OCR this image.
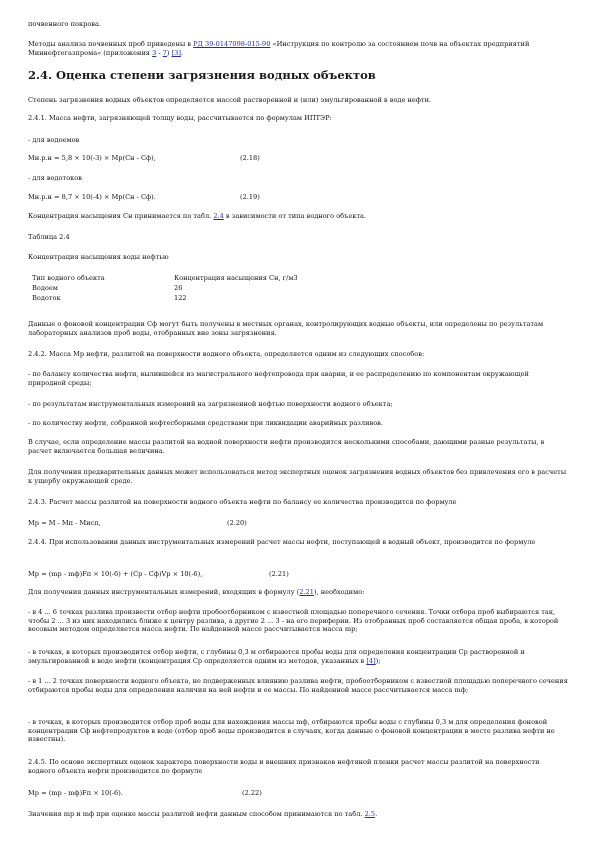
почвенного покрова.

Методы анализа почвенных проб приведены в РД 39-0147098-015-90 «Инструкция по контролю за состоянием почв на объектах предприятий Миннефтегазпрома» (приложения 3 - 7) [3].

2.4. Оценка степени загрязнения водных объектов

Степень загрязнения водных объектов определяется массой растворенной и (или) эмульгированной в воде нефти.

2.4.1. Масса нефти, загрязняющей толщу воды, рассчитывается по формулам ИПТЭР:

- для водоемов

Мн.р.н = 5,8 × 10(-3) × Мр(Сн - Сф),	(2.18)

- для водотоков

Мн.р.н = 8,7 × 10(-4) × Мр(Сн - Сф).	(2.19)

Концентрация насыщения Сн принимается по табл. 2.4 в зависимости от типа водного объекта.

Таблица 2.4

Концентрация насыщения воды нефтью

Тип водного объекта	Концентрация насыщения Сн, г/м3
Водоем	26
Водоток	122

Данные о фоновой концентрации Сф могут быть получены в местных органах, контролирующих водные объекты, или определены по результатам лабораторных анализов проб воды, отобранных вне зоны загрязнения.

2.4.2. Масса Мр нефти, разлитой на поверхности водного объекта, определяется одним из следующих способов:

- по балансу количества нефти, вылившейся из магистрального нефтепровода при аварии, и ее распределению по компонентам окружающей природной среды;

- по результатам инструментальных измерений на загрязненной нефтью поверхности водного объекта;

- по количеству нефти, собранной нефтесборными средствами при ликвидации аварийных разливов.

В случае, если определение массы разлитой на водной поверхности нефти производится несколькими способами, дающими разные результаты, в расчет включается большая величина.

Для получения предварительных данных может использоваться метод экспертных оценок загрязнения водных объектов без привлечения его в расчеты к ущербу окружающей среде.

2.4.3. Расчет массы разлитой на поверхности водного объекта нефти по балансу ее количества производится по формуле

Мр = М - Мп - Мисп,	(2.20)

2.4.4. При использовании данных инструментальных измерений расчет массы нефти, поступающей в водный объект, производится по формуле

Мр = (mр - mф)Fп × 10(-6) + (Ср - Сф)Vр × 10(-6),	(2.21)

Для получения данных инструментальных измерений, входящих в формулу (2.21), необходимо:

- в 4 ... 6 точках разлива произвести отбор нефти пробоотборником с известной площадью поперечного сечения. Точки отбора проб выбираются так, чтобы 2 ... 3 из них находились ближе к центру разлива, а другие 2 ... 3 - на его периферии. Из отобранных проб составляется общая проба, в которой весовым методом определяется масса нефти. По найденной массе рассчитывается масса mр;

- в точках, в которых производится отбор нефти, с глубины 0,3 м отбираются пробы воды для определения концентрации Ср растворенной и эмульгированной в воде нефти (концентрация Ср определяется одним из методов, указанных в [4]);

- в 1 ... 2 точках поверхности водного объекта, не подверженных влиянию разлива нефти, пробоотборником с известной площадью поперечного сечения отбираются пробы воды для определения наличия на ней нефти и ее массы. По найденной массе рассчитывается масса mф;

- в точках, в которых производится отбор проб воды для нахождения массы mф, отбираются пробы воды с глубины 0,3 м для определения фоновой концентрации Сф нефтепродуктов в воде (отбор проб воды производится в случаях, когда данные о фоновой концентрации в месте разлива нефти не известны).

2.4.5. По основе экспертных оценок характера поверхности воды и внешних признаков нефтяной пленки расчет массы разлитой на поверхности водного объекта нефти производится по формуле

Мр = (mр - mф)Fп × 10(-6).	(2.22)

Значения mр и mф при оценке массы разлитой нефти данным способом принимаются по табл. 2.5.
